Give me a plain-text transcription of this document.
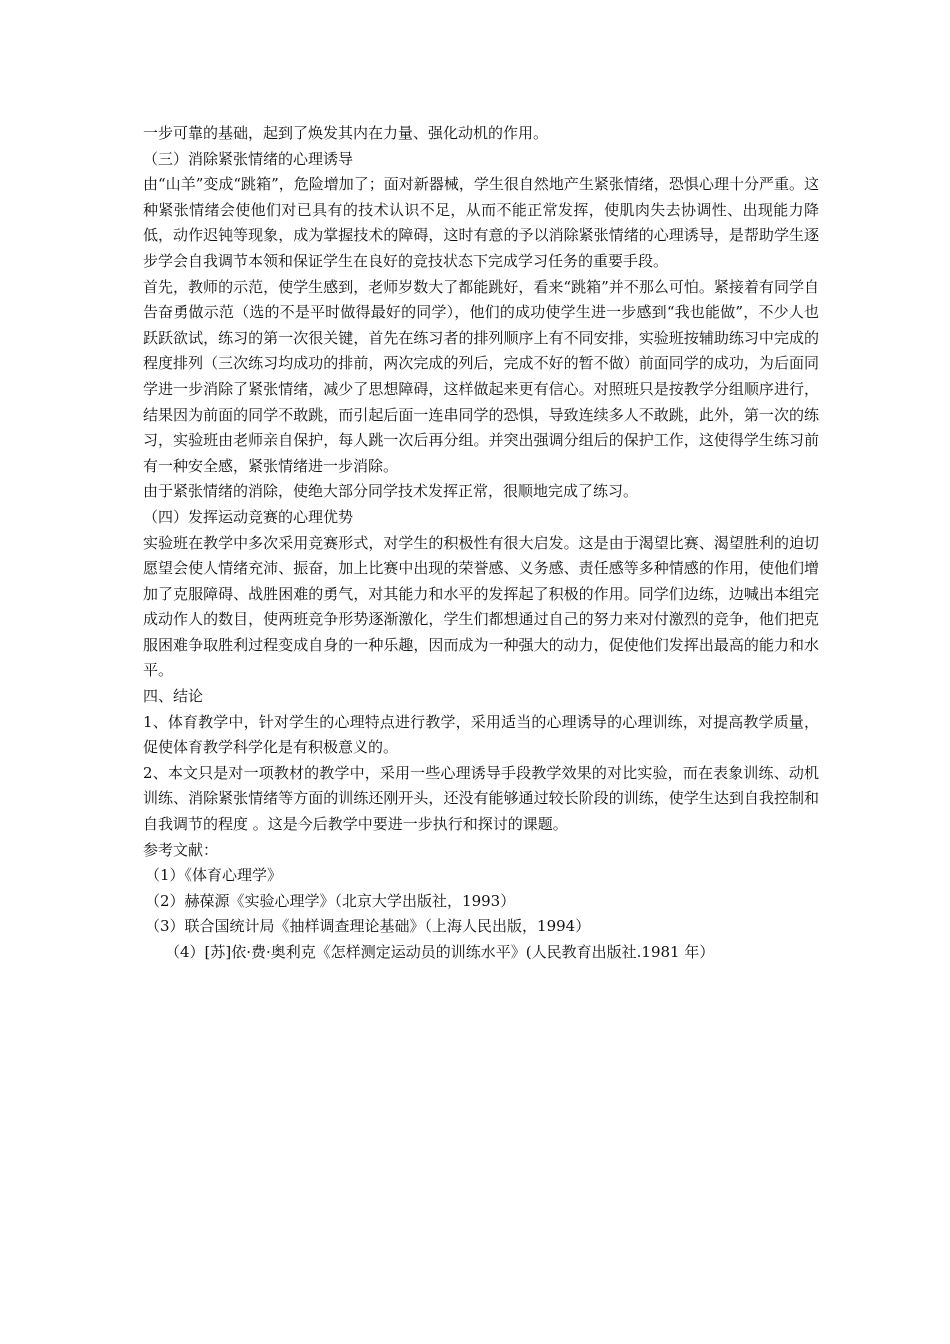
一步可靠的基础，起到了焕发其内在力量、强化动机的作用。

（三）消除紧张情绪的心理诱导

由“山羊”变成“跳箱”，危险增加了；面对新器械，学生很自然地产生紧张情绪，恐惧心理十分严重。这种紧张情绪会使他们对已具有的技术认识不足，从而不能正常发挥，使肌肉失去协调性、出现能力降低，动作迟钝等现象，成为掌握技术的障碍，这时有意的予以消除紧张情绪的心理诱导，是帮助学生逐步学会自我调节本领和保证学生在良好的竞技状态下完成学习任务的重要手段。

首先，教师的示范，使学生感到，老师岁数大了都能跳好，看来“跳箱”并不那么可怕。紧接着有同学自告奋勇做示范（选的不是平时做得最好的同学），他们的成功使学生进一步感到“我也能做”，不少人也跃跃欲试，练习的第一次很关键，首先在练习者的排列顺序上有不同安排，实验班按辅助练习中完成的程度排列（三次练习均成功的排前，两次完成的列后，完成不好的暂不做）前面同学的成功，为后面同学进一步消除了紧张情绪，减少了思想障碍，这样做起来更有信心。对照班只是按教学分组顺序进行，结果因为前面的同学不敢跳，而引起后面一连串同学的恐惧，导致连续多人不敢跳，此外，第一次的练习，实验班由老师亲自保护，每人跳一次后再分组。并突出强调分组后的保护工作，这使得学生练习前有一种安全感，紧张情绪进一步消除。

由于紧张情绪的消除，使绝大部分同学技术发挥正常，很顺地完成了练习。

（四）发挥运动竞赛的心理优势

实验班在教学中多次采用竞赛形式，对学生的积极性有很大启发。这是由于渴望比赛、渴望胜利的迫切愿望会使人情绪充沛、振奋，加上比赛中出现的荣誉感、义务感、责任感等多种情感的作用，使他们增加了克服障碍、战胜困难的勇气，对其能力和水平的发挥起了积极的作用。同学们边练，边喊出本组完成动作人的数目，使两班竞争形势逐渐激化，学生们都想通过自己的努力来对付激烈的竞争，他们把克服困难争取胜利过程变成自身的一种乐趣，因而成为一种强大的动力，促使他们发挥出最高的能力和水平。

四、结论

1、体育教学中，针对学生的心理特点进行教学，采用适当的心理诱导的心理训练，对提高教学质量，促使体育教学科学化是有积极意义的。

2、本文只是对一项教材的教学中，采用一些心理诱导手段教学效果的对比实验，而在表象训练、动机训练、消除紧张情绪等方面的训练还刚开头，还没有能够通过较长阶段的训练，使学生达到自我控制和自我调节的程度 。这是今后教学中要进一步执行和探讨的课题。

参考文献：

（1）《体育心理学》
（2）赫葆源《实验心理学》（北京大学出版社，1993）
（3）联合国统计局《抽样调查理论基础》（上海人民出版，1994）
（4）[苏]依·费·奥利克《怎样测定运动员的训练水平》(人民教育出版社.1981 年）
